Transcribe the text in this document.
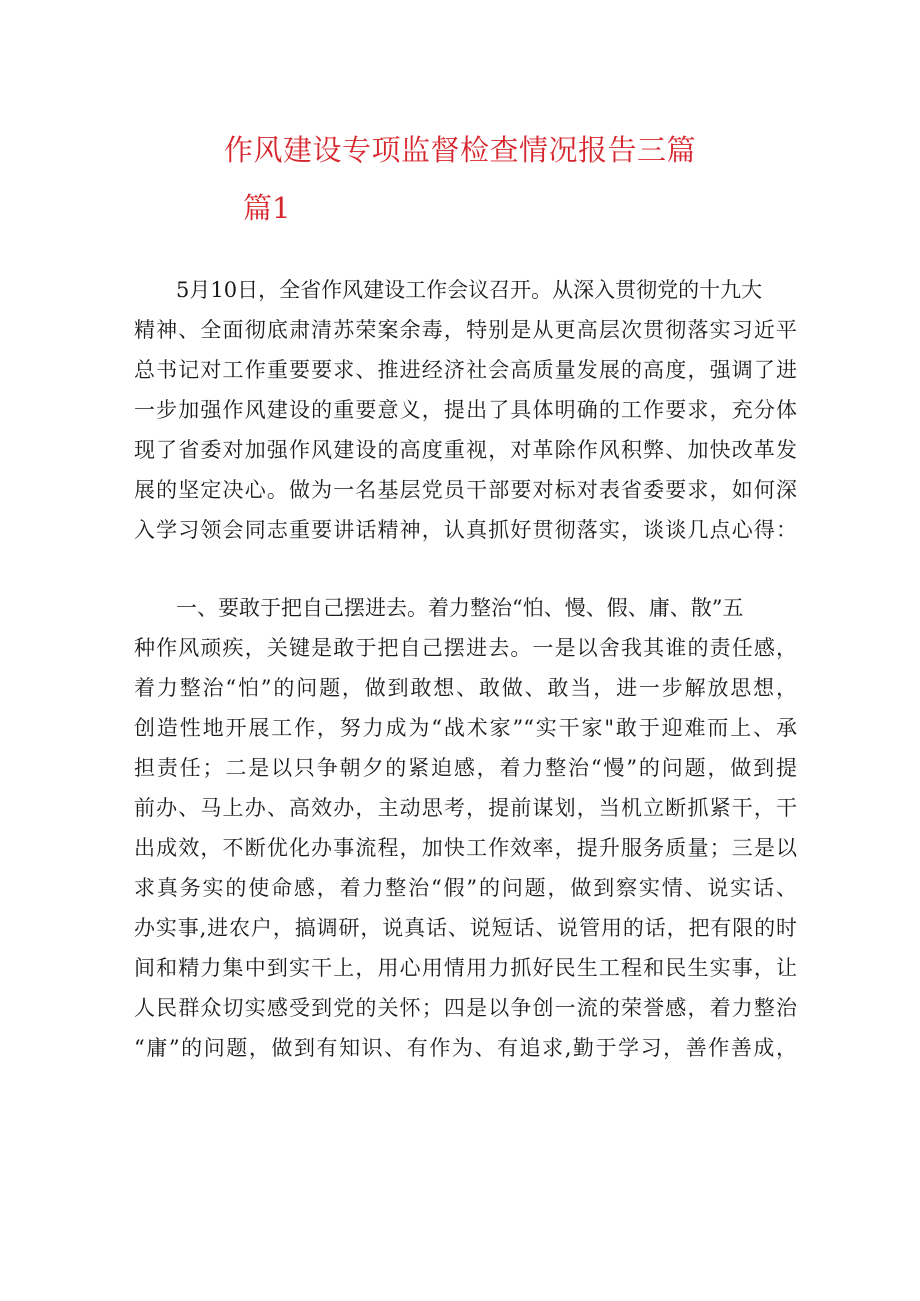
作风建设专项监督检查情况报告三篇
篇1

5月10日，全省作风建设工作会议召开。从深入贯彻党的十九大

精神、全面彻底肃清苏荣案余毒，特别是从更高层次贯彻落实习近平

总书记对工作重要要求、推进经济社会高质量发展的高度，强调了进

一步加强作风建设的重要意义，提出了具体明确的工作要求，充分体

现了省委对加强作风建设的高度重视，对革除作风积弊、加快改革发

展的坚定决心。做为一名基层党员干部要对标对表省委要求，如何深

入学习领会同志重要讲话精神，认真抓好贯彻落实，谈谈几点心得：

一、要敢于把自己摆进去。着力整治“怕、慢、假、庸、散”五

种作风顽疾，关键是敢于把自己摆进去。一是以舍我其谁的责任感，

着力整治“怕”的问题，做到敢想、敢做、敢当，进一步解放思想，

创造性地开展工作，努力成为“战术家”“实干家"敢于迎难而上、承

担责任；二是以只争朝夕的紧迫感，着力整治“慢”的问题，做到提

前办、马上办、高效办，主动思考，提前谋划，当机立断抓紧干，干

出成效，不断优化办事流程，加快工作效率，提升服务质量；三是以

求真务实的使命感，着力整治“假”的问题，做到察实情、说实话、

办实事,进农户，搞调研，说真话、说短话、说管用的话，把有限的时

间和精力集中到实干上，用心用情用力抓好民生工程和民生实事，让

人民群众切实感受到党的关怀；四是以争创一流的荣誉感，着力整治

“庸”的问题，做到有知识、有作为、有追求,勤于学习，善作善成，
